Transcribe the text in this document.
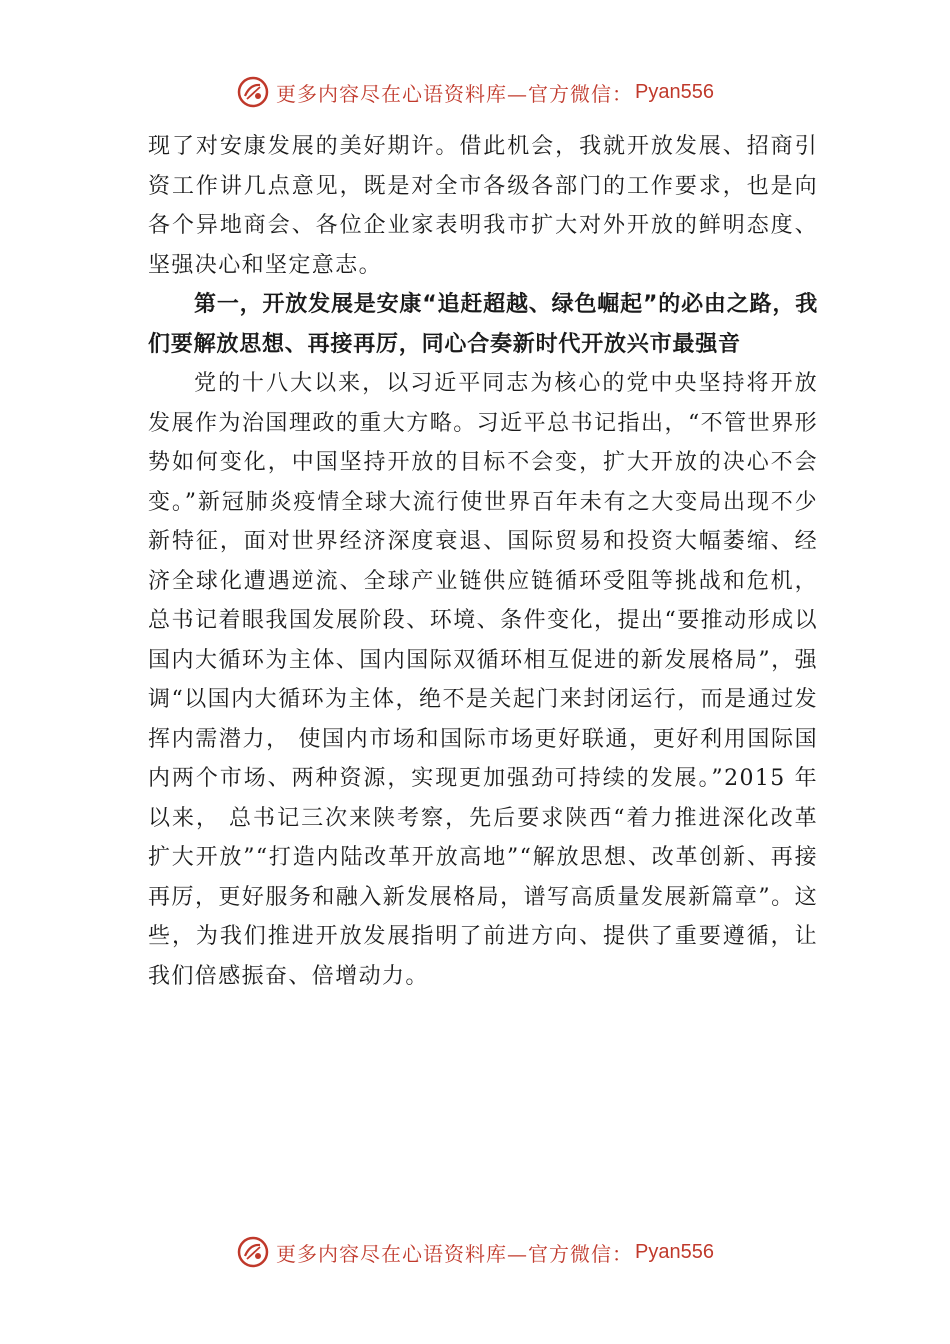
更多内容尽在心语资料库—官方微信： Pyan556

现了对安康发展的美好期许。借此机会，我就开放发展、招商引资工作讲几点意见，既是对全市各级各部门的工作要求，也是向各个异地商会、各位企业家表明我市扩大对外开放的鲜明态度、坚强决心和坚定意志。

第一，开放发展是安康“追赶超越、绿色崛起”的必由之路，我们要解放思想、再接再厉，同心合奏新时代开放兴市最强音

党的十八大以来，以习近平同志为核心的党中央坚持将开放发展作为治国理政的重大方略。习近平总书记指出，“不管世界形势如何变化，中国坚持开放的目标不会变，扩大开放的决心不会变。”新冠肺炎疫情全球大流行使世界百年未有之大变局出现不少新特征，面对世界经济深度衰退、国际贸易和投资大幅萎缩、经济全球化遭遇逆流、全球产业链供应链循环受阻等挑战和危机，总书记着眼我国发展阶段、环境、条件变化，提出“要推动形成以国内大循环为主体、国内国际双循环相互促进的新发展格局”，强调“以国内大循环为主体，绝不是关起门来封闭运行，而是通过发挥内需潜力， 使国内市场和国际市场更好联通，更好利用国际国内两个市场、两种资源，实现更加强劲可持续的发展。”2015 年以来， 总书记三次来陕考察，先后要求陕西“着力推进深化改革扩大开放”“打造内陆改革开放高地”“解放思想、改革创新、再接再厉，更好服务和融入新发展格局，谱写高质量发展新篇章”。这些，为我们推进开放发展指明了前进方向、提供了重要遵循，让我们倍感振奋、倍增动力。

更多内容尽在心语资料库—官方微信： Pyan556
